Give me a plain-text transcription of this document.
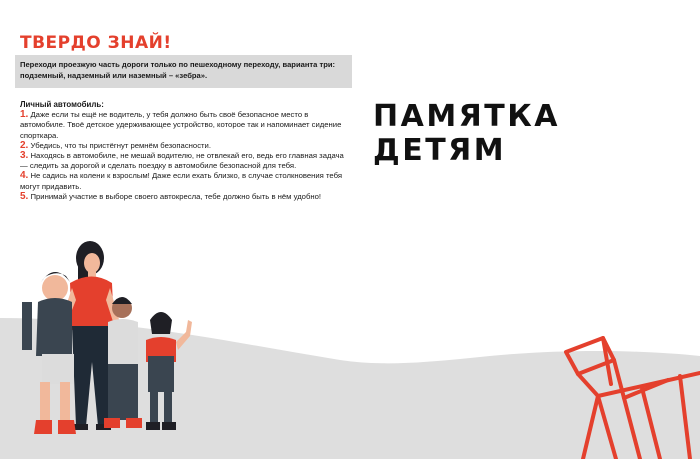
ТВЕРДО ЗНАЙ!

Переходи проезжую часть дороги только по пешеходному переходу, варианта три: подземный, надземный или наземный – «зебра».

Личный автомобиль:

1. Даже если ты ещё не водитель, у тебя должно быть своё безопасное место в автомобиле. Твоё детское удерживающее устройство, которое так и напоминает сидение спорткара.

2. Убедись, что ты пристёгнут ремнём безопасности.

3. Находясь в автомобиле, не мешай водителю, не отвлекай его, ведь его главная задача — следить за дорогой и сделать поездку в автомобиле безопасной для тебя.

4. Не садись на колени к взрослым! Даже если ехать близко, в случае столкновения тебя могут придавить.

5. Принимай участие в выборе своего автокресла, тебе должно быть в нём удобно!

ПАМЯТКА
ДЕТЯМ
